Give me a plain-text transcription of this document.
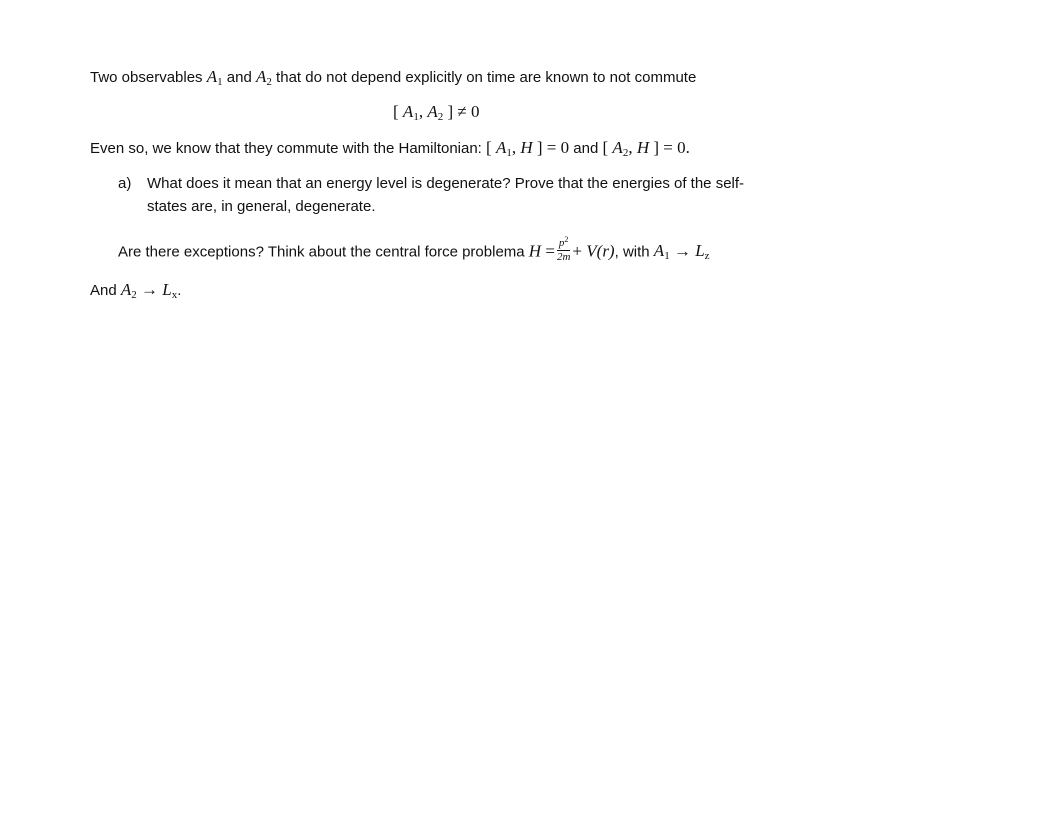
Two observables $A_1$ and $A_2$ that do not depend explicitly on time are known to not commute
[ $A_1$, $A_2$ ] ≠ 0
Even so, we know that they commute with the Hamiltonian: [ $A_1$, H ] = 0 and [ $A_2$, H ] = 0.
a) What does it mean that an energy level is degenerate? Prove that the energies of the self-
states are, in general, degenerate.
Are there exceptions? Think about the central force problema $H = \frac{p^2}{2m} + V(r)$, with $A_1 \to L_z$
And $A_2 \to L_x$.
